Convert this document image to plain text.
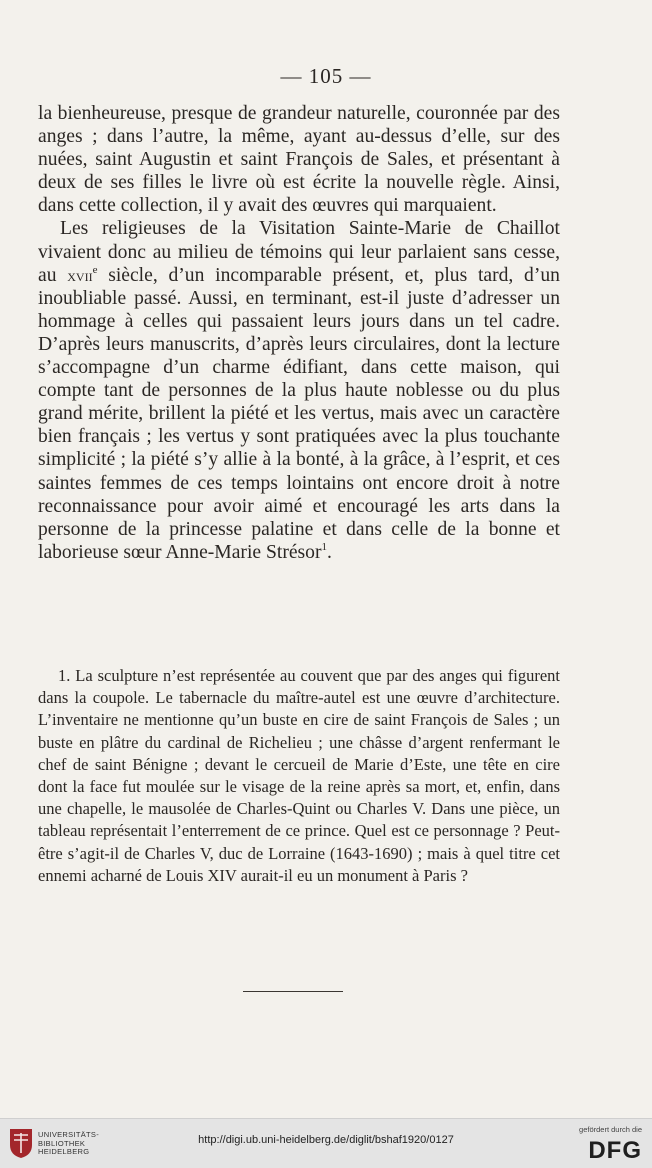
— 105 —

la bienheureuse, presque de grandeur naturelle, couronnée par des anges ; dans l’autre, la même, ayant au-dessus d’elle, sur des nuées, saint Augustin et saint François de Sales, et présentant à deux de ses filles le livre où est écrite la nouvelle règle. Ainsi, dans cette collection, il y avait des œuvres qui marquaient.

Les religieuses de la Visitation Sainte-Marie de Chaillot vivaient donc au milieu de témoins qui leur parlaient sans cesse, au xvii$^e$ siècle, d’un incomparable présent, et, plus tard, d’un inoubliable passé. Aussi, en terminant, est-il juste d’adresser un hommage à celles qui passaient leurs jours dans un tel cadre. D’après leurs manuscrits, d’après leurs circulaires, dont la lecture s’accompagne d’un charme édifiant, dans cette maison, qui compte tant de personnes de la plus haute noblesse ou du plus grand mérite, brillent la piété et les vertus, mais avec un caractère bien français ; les vertus y sont pratiquées avec la plus touchante simplicité ; la piété s’y allie à la bonté, à la grâce, à l’esprit, et ces saintes femmes de ces temps lointains ont encore droit à notre reconnaissance pour avoir aimé et encouragé les arts dans la personne de la princesse palatine et dans celle de la bonne et laborieuse sœur Anne-Marie Strésor$^1$.

1. La sculpture n’est représentée au couvent que par des anges qui figurent dans la coupole. Le tabernacle du maître-autel est une œuvre d’architecture. L’inventaire ne mentionne qu’un buste en cire de saint François de Sales ; un buste en plâtre du cardinal de Richelieu ; une châsse d’argent renfermant le chef de saint Bénigne ; devant le cercueil de Marie d’Este, une tête en cire dont la face fut moulée sur le visage de la reine après sa mort, et, enfin, dans une chapelle, le mausolée de Charles-Quint ou Charles V. Dans une pièce, un tableau représentait l’enterrement de ce prince. Quel est ce personnage ? Peut-être s’agit-il de Charles V, duc de Lorraine (1643-1690) ; mais à quel titre cet ennemi acharné de Louis XIV aurait-il eu un monument à Paris ?
UNIVERSITÄTS-
BIBLIOTHEK
HEIDELBERG
http://digi.ub.uni-heidelberg.de/diglit/bshaf1920/0127
gefördert durch die
DFG
